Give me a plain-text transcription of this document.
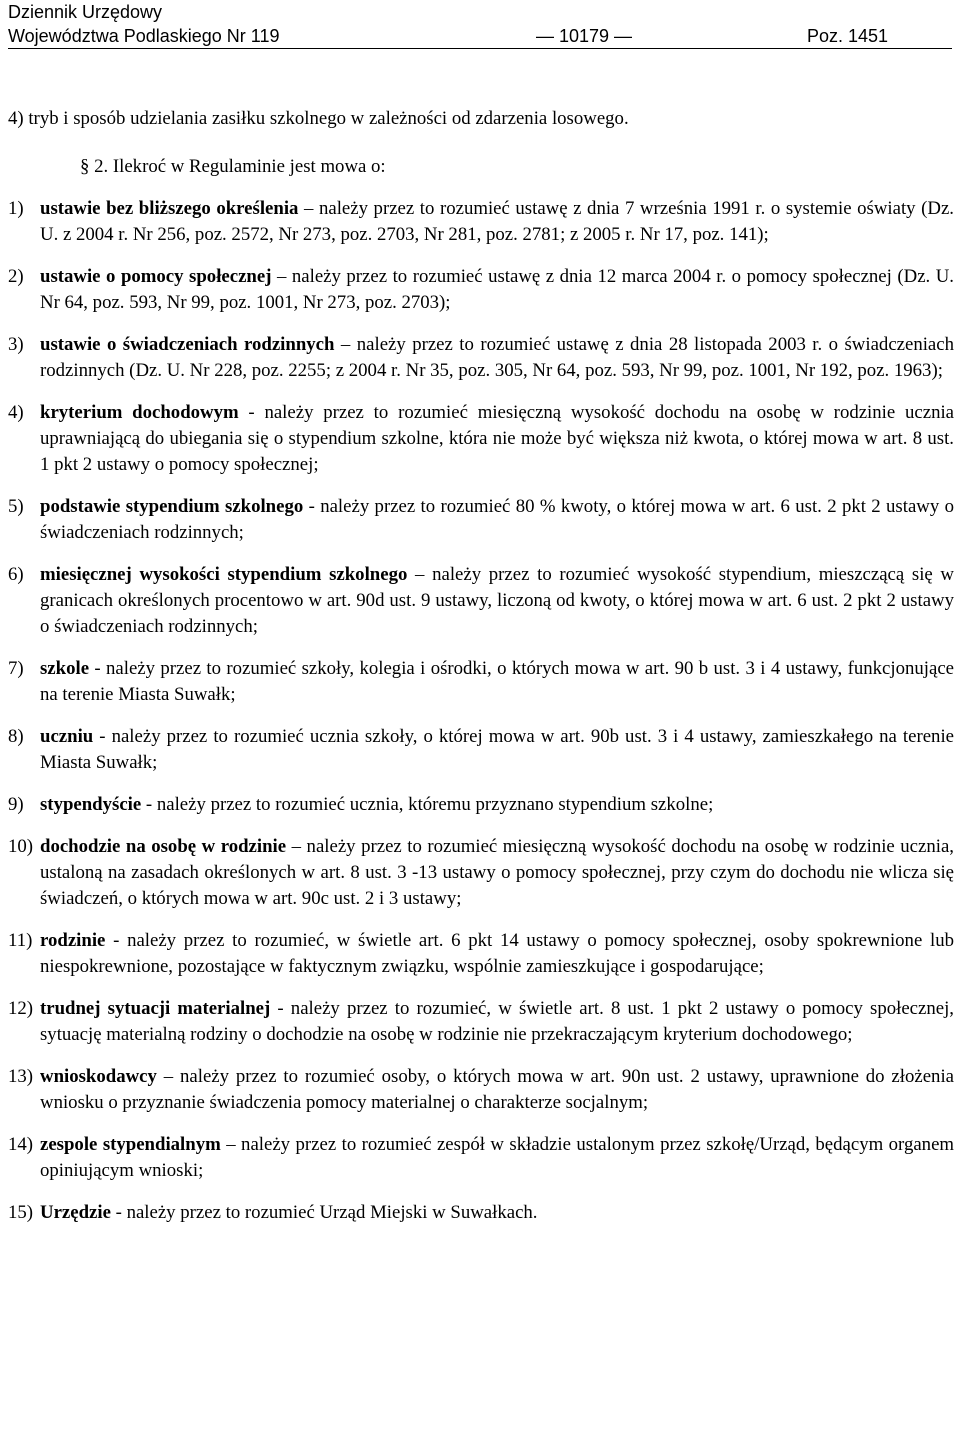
Dziennik Urzędowy
Województwa Podlaskiego Nr 119	— 10179 —	Poz. 1451
4) tryb i sposób udzielania zasiłku szkolnego w zależności od zdarzenia losowego.
§ 2. Ilekroć w Regulaminie jest mowa o:
1) ustawie bez bliższego określenia – należy przez to rozumieć ustawę z dnia 7 września 1991 r. o systemie oświaty (Dz. U. z 2004 r. Nr 256, poz. 2572, Nr 273, poz. 2703, Nr 281, poz. 2781; z 2005 r. Nr 17, poz. 141);
2) ustawie o pomocy społecznej – należy przez to rozumieć ustawę z dnia 12 marca 2004 r. o pomocy społecznej (Dz. U. Nr 64, poz. 593, Nr 99, poz. 1001, Nr 273, poz. 2703);
3) ustawie o świadczeniach rodzinnych – należy przez to rozumieć ustawę z dnia 28 listopada 2003 r. o świadczeniach rodzinnych (Dz. U. Nr 228, poz. 2255; z 2004 r. Nr 35, poz. 305, Nr 64, poz. 593, Nr 99, poz. 1001, Nr 192, poz. 1963);
4) kryterium dochodowym - należy przez to rozumieć miesięczną wysokość dochodu na osobę w rodzinie ucznia uprawniającą do ubiegania się o stypendium szkolne, która nie może być większa niż kwota, o której mowa w art. 8 ust. 1 pkt 2 ustawy o pomocy społecznej;
5) podstawie stypendium szkolnego - należy przez to rozumieć 80 % kwoty, o której mowa w art. 6 ust. 2 pkt 2 ustawy o świadczeniach rodzinnych;
6) miesięcznej wysokości stypendium szkolnego – należy przez to rozumieć wysokość stypendium, mieszczącą się w granicach określonych procentowo w art. 90d ust. 9 ustawy, liczoną od kwoty, o której mowa w art. 6 ust. 2 pkt 2 ustawy o świadczeniach rodzinnych;
7) szkole - należy przez to rozumieć szkoły, kolegia i ośrodki, o których mowa w art. 90 b ust. 3 i 4 ustawy, funkcjonujące na terenie Miasta Suwałk;
8) uczniu - należy przez to rozumieć ucznia szkoły, o której mowa w art. 90b ust. 3 i 4 ustawy, zamieszkałego na terenie Miasta Suwałk;
9) stypendyście - należy przez to rozumieć ucznia, któremu przyznano stypendium szkolne;
10) dochodzie na osobę w rodzinie – należy przez to rozumieć miesięczną wysokość dochodu na osobę w rodzinie ucznia, ustaloną na zasadach określonych w art. 8 ust. 3 -13 ustawy o pomocy społecznej, przy czym do dochodu nie wlicza się świadczeń, o których mowa w art. 90c ust. 2 i 3 ustawy;
11) rodzinie - należy przez to rozumieć, w świetle art. 6 pkt 14 ustawy o pomocy społecznej, osoby spokrewnione lub niespokrewnione, pozostające w faktycznym związku, wspólnie zamieszkujące i gospodarujące;
12) trudnej sytuacji materialnej - należy przez to rozumieć, w świetle art. 8 ust. 1 pkt 2 ustawy o pomocy społecznej, sytuację materialną rodziny o dochodzie na osobę w rodzinie nie przekraczającym kryterium dochodowego;
13) wnioskodawcy – należy przez to rozumieć osoby, o których mowa w art. 90n ust. 2 ustawy, uprawnione do złożenia wniosku o przyznanie świadczenia pomocy materialnej o charakterze socjalnym;
14) zespole stypendialnym – należy przez to rozumieć zespół w składzie ustalonym przez szkołę/Urząd, będącym organem opiniującym wnioski;
15) Urzędzie - należy przez to rozumieć Urząd Miejski w Suwałkach.
